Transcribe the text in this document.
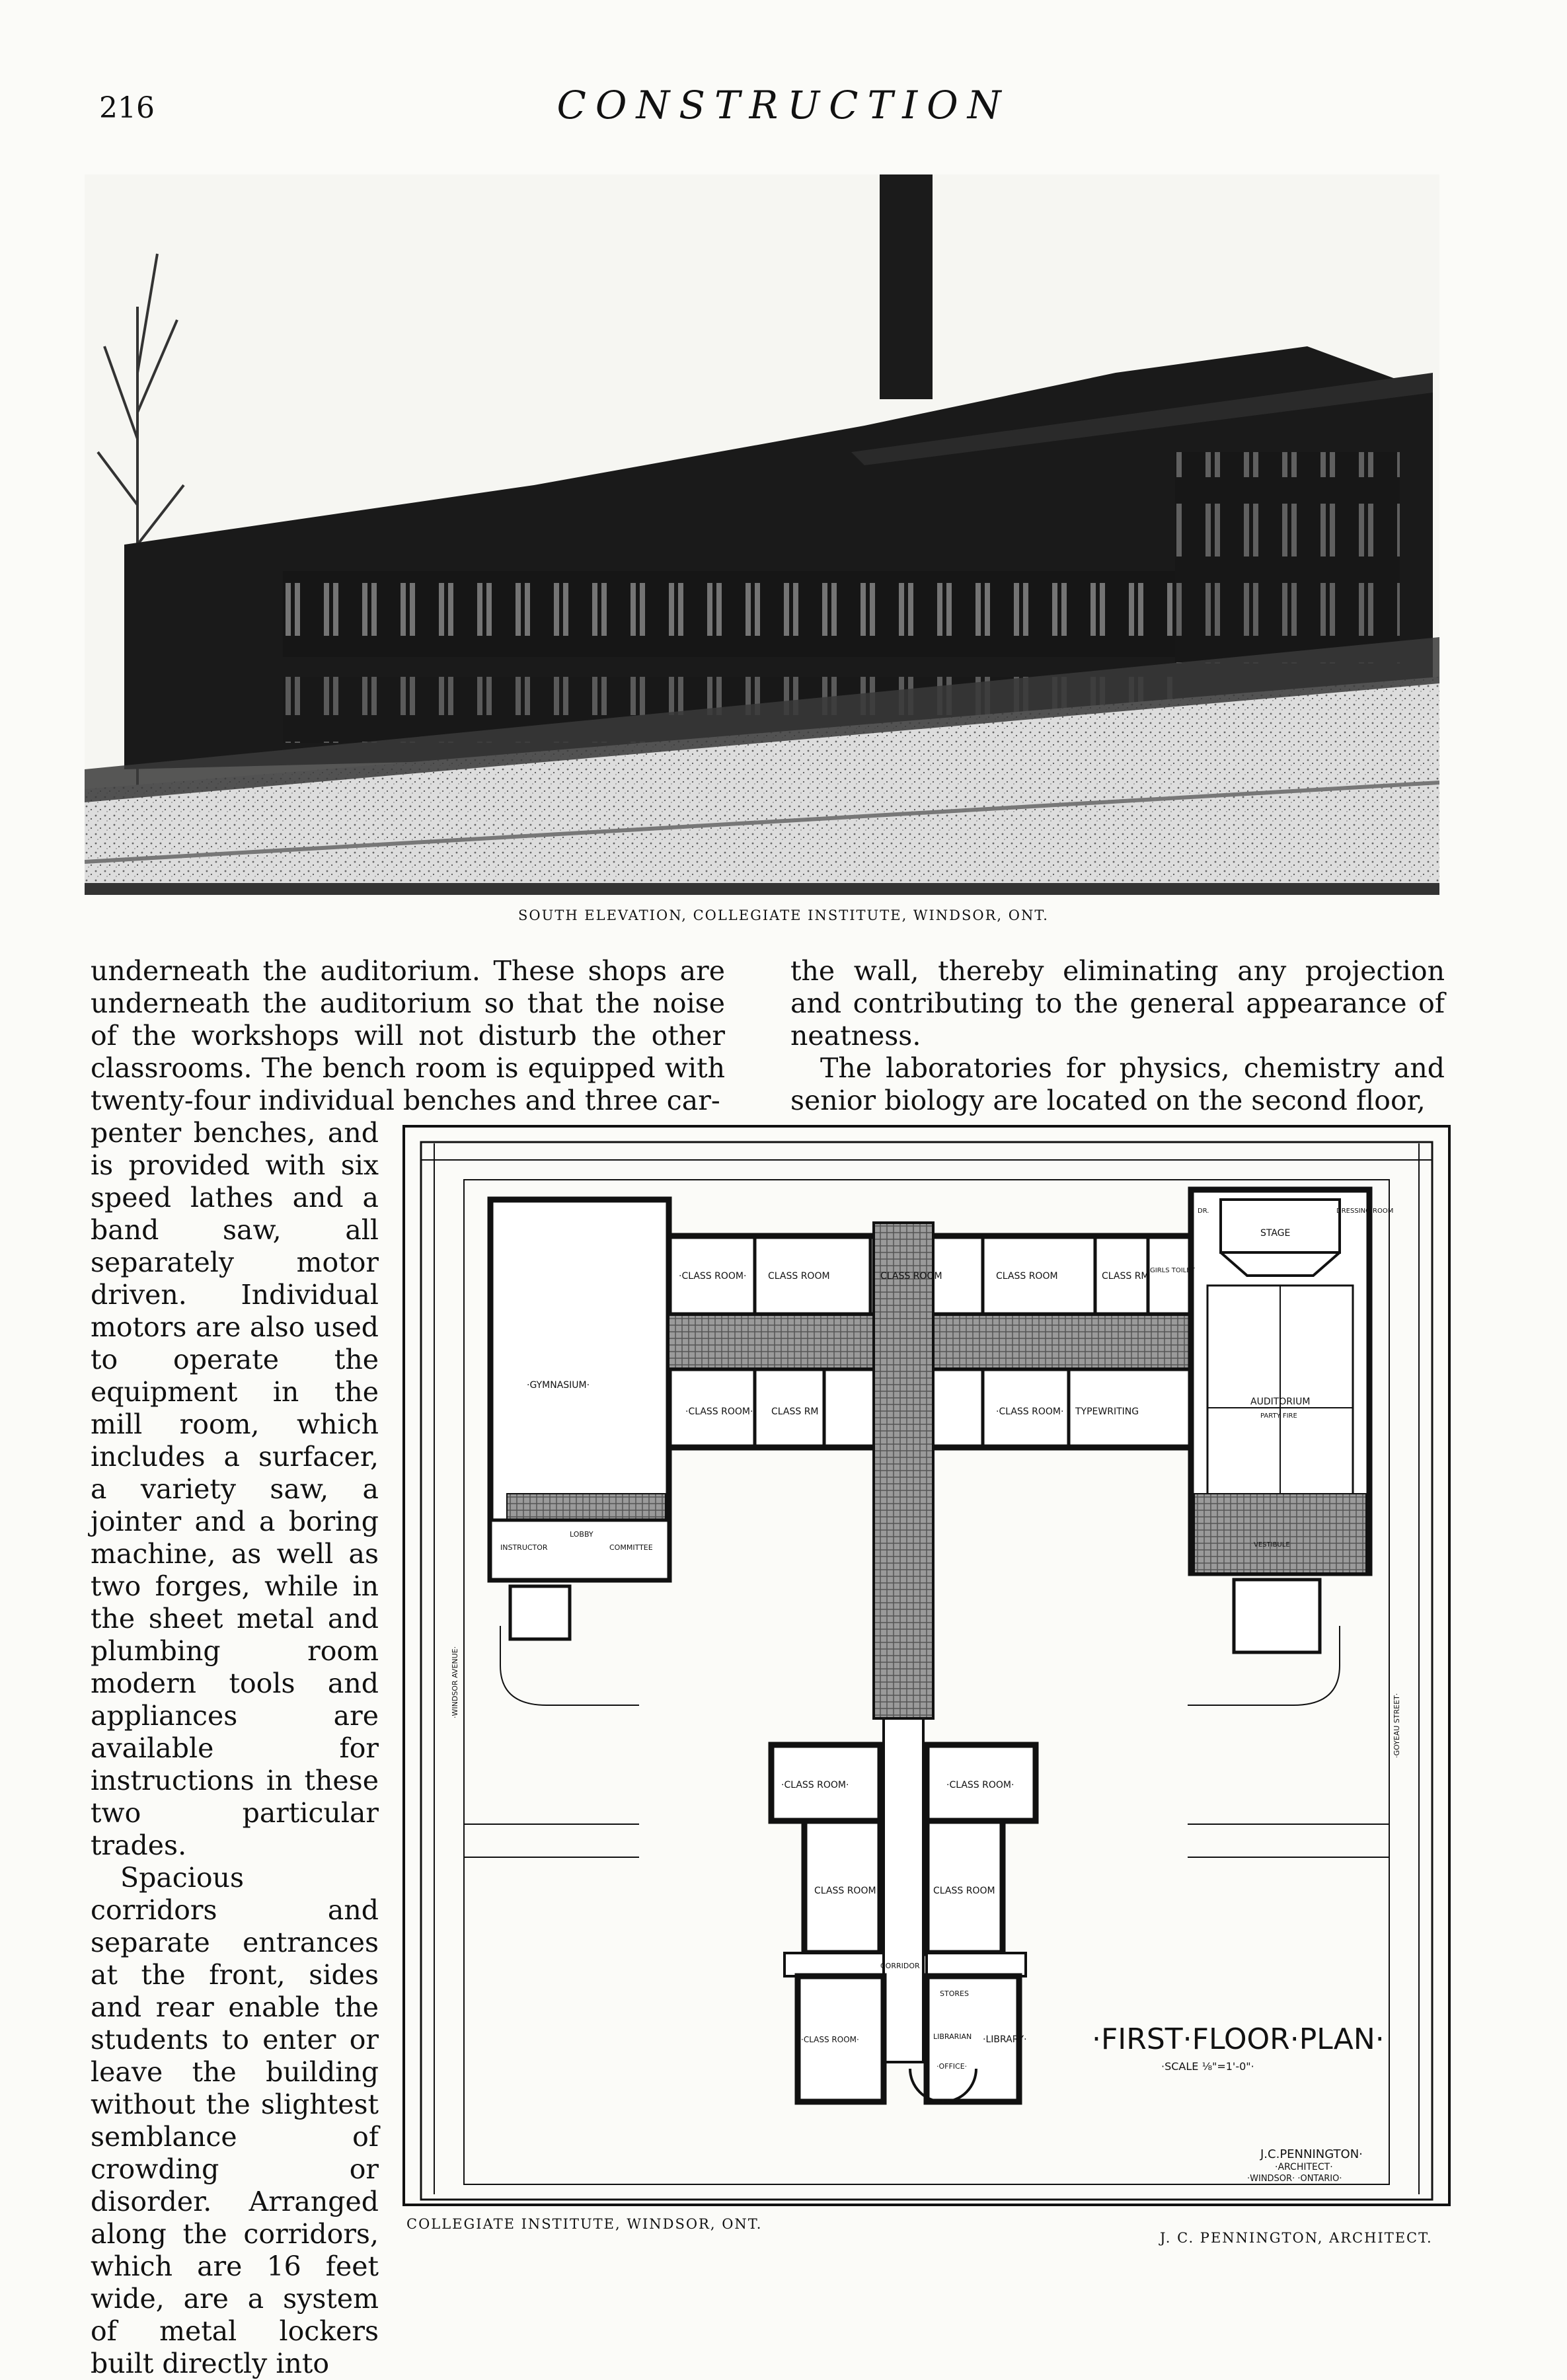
216	CONSTRUCTION
SOUTH ELEVATION, COLLEGIATE INSTITUTE, WINDSOR, ONT.

underneath the auditorium. These shops are underneath the auditorium so that the noise of the workshops will not disturb the other classrooms. The bench room is equipped with twenty-four individual benches and three car-

the wall, thereby eliminating any projection and contributing to the general appearance of neatness.

The laboratories for physics, chemistry and senior biology are located on the second floor,

penter benches, and is provided with six speed lathes and a band saw, all separately motor driven. Individual motors are also used to operate the equipment in the mill room, which includes a surfacer, a variety saw, a jointer and a boring machine, as well as two forges, while in the sheet metal and plumbing room modern tools and appliances are available for instructions in these two particular trades.

Spacious corridors and separate entrances at the front, sides and rear enable the students to enter or leave the building without the slightest semblance of crowding or disorder. Arranged along the corridors, which are 16 feet wide, are a system of metal lockers built directly into

·GYMNASIUM·
·CLASS ROOM· CLASS ROOM	CLASS ROOM	CLASS ROOM	CLASS RM
GIRLS TOILET
·CLASS ROOM· CLASS RM	·CLASS ROOM· TYPEWRITING
STAGE
DRESSING ROOM
DR.
AUDITORIUM
PARTY FIRE
INSTRUCTOR
LOBBY
COMMITTEE	VESTIBULE
·CLASS ROOM·	·CLASS ROOM·
CLASS ROOM	CLASS ROOM
CORRIDOR
·CLASS ROOM·
STORES
LIBRARIAN ·LIBRARY·
·OFFICE·
·WINDSOR AVENUE·
·GOYEAU STREET·
·FIRST·FLOOR·PLAN·
·SCALE ⅛"=1'-0"·
J.C.PENNINGTON·
·ARCHITECT·
·WINDSOR· ·ONTARIO·
COLLEGIATE INSTITUTE, WINDSOR, ONT.
J. C. PENNINGTON, ARCHITECT.
